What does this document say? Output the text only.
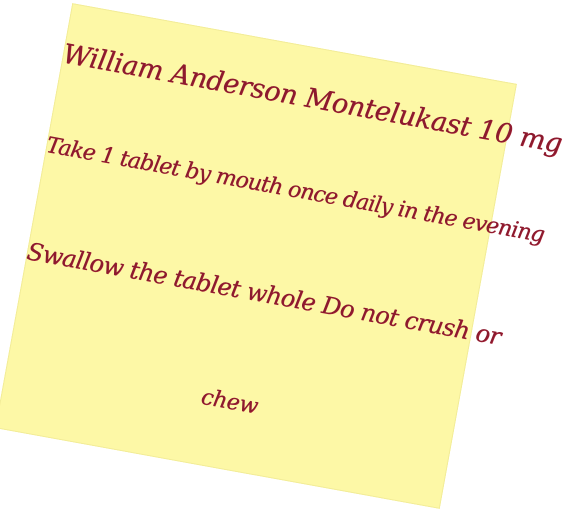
William Anderson Montelukast 10 mg
Take 1 tablet by mouth once daily in the evening
Swallow the tablet whole Do not crush or
chew
